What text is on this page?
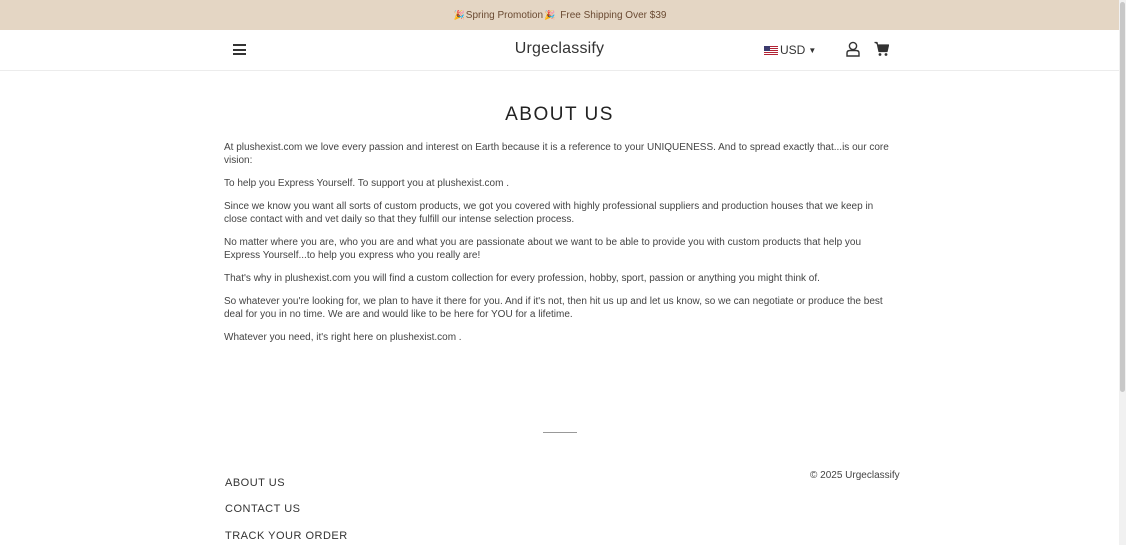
🎉 Spring Promotion 🎉 Free Shipping Over $39
Urgeclassify	USD ▼
ABOUT US

At plushexist.com we love every passion and interest on Earth because it is a reference to your UNIQUENESS. And to spread exactly that...is our core vision:

To help you Express Yourself. To support you at plushexist.com .

Since we know you want all sorts of custom products, we got you covered with highly professional suppliers and production houses that we keep in close contact with and vet daily so that they fulfill our intense selection process.

No matter where you are, who you are and what you are passionate about we want to be able to provide you with custom products that help you Express Yourself...to help you express who you really are!

That's why in plushexist.com you will find a custom collection for every profession, hobby, sport, passion or anything you might think of.

So whatever you're looking for, we plan to have it there for you. And if it's not, then hit us up and let us know, so we can negotiate or produce the best deal for you in no time. We are and would like to be here for YOU for a lifetime.

Whatever you need, it's right here on plushexist.com .

ABOUT US
CONTACT US
TRACK YOUR ORDER
© 2025 Urgeclassify
